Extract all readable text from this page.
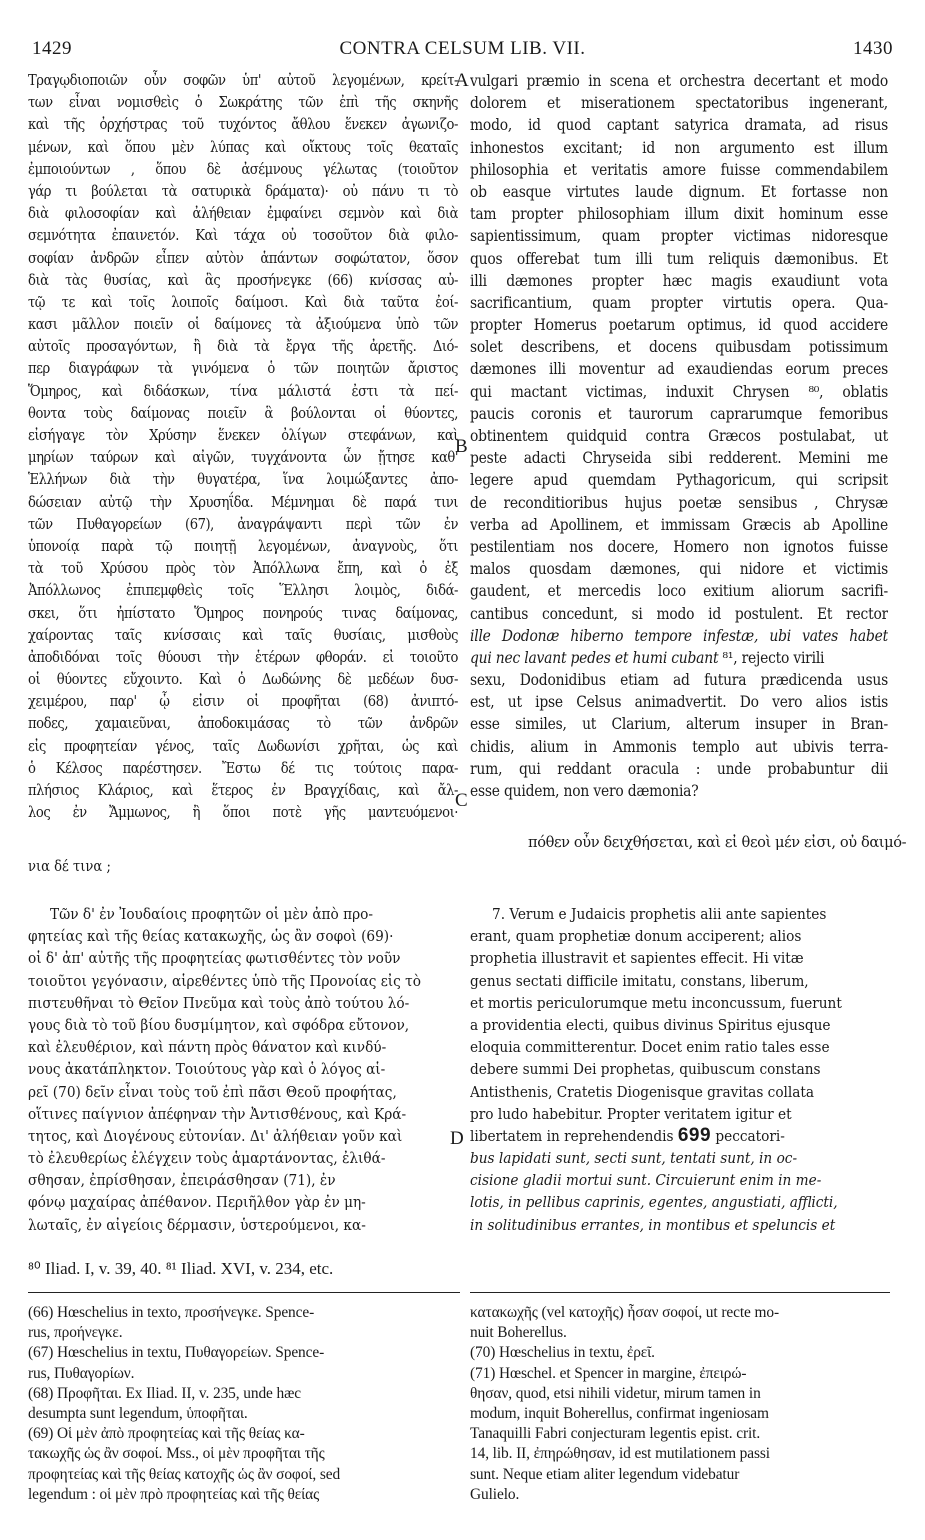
1429	CONTRA CELSUM LIB. VII.	1430
A
B
C
D
Τραγῳδιοποιῶν οὖν σοφῶν ὑπ' αὐτοῦ λεγομένων, κρείτ-
των εἶναι νομισθεὶς ὁ Σωκράτης τῶν ἐπὶ τῆς σκηνῆς
καὶ τῆς ὀρχήστρας τοῦ τυχόντος ἄθλου ἕνεκεν ἀγωνιζο-
μένων, καὶ ὅπου μὲν λύπας καὶ οἴκτους τοῖς θεαταῖς
ἐμποιούντων , ὅπου δὲ ἀσέμνους γέλωτας (τοιοῦτον
γάρ τι βούλεται τὰ σατυρικὰ δράματα)· οὐ πάνυ τι τὸ
διὰ φιλοσοφίαν καὶ ἀλήθειαν ἐμφαίνει σεμνὸν καὶ διὰ
σεμνότητα ἐπαινετόν. Καὶ τάχα οὐ τοσοῦτον διὰ φιλο-
σοφίαν ἀνδρῶν εἶπεν αὐτὸν ἁπάντων σοφώτατον, ὅσον
διὰ τὰς θυσίας, καὶ ἃς προσήνεγκε (66) κνίσσας αὐ-
τῷ τε καὶ τοῖς λοιποῖς δαίμοσι. Καὶ διὰ ταῦτα ἐοί-
κασι μᾶλλον ποιεῖν οἱ δαίμονες τὰ ἀξιούμενα ὑπὸ τῶν
αὐτοῖς προσαγόντων, ἢ διὰ τὰ ἔργα τῆς ἀρετῆς. Διό-
περ διαγράφων τὰ γινόμενα ὁ τῶν ποιητῶν ἄριστος
Ὅμηρος, καὶ διδάσκων, τίνα μάλιστά ἐστι τὰ πεί-
θοντα τοὺς δαίμονας ποιεῖν ἃ βούλονται οἱ θύοντες,
εἰσήγαγε τὸν Χρύσην ἕνεκεν ὀλίγων στεφάνων, καὶ
μηρίων ταύρων καὶ αἰγῶν, τυγχάνοντα ὧν ᾔτησε καθ'
Ἑλλήνων διὰ τὴν θυγατέρα, ἵνα λοιμώξαντες ἀπο-
δώσειαν αὐτῷ τὴν Χρυσηΐδα. Μέμνημαι δὲ παρά τινι
τῶν Πυθαγορείων (67), ἀναγράψαντι περὶ τῶν ἐν
ὑπονοίᾳ παρὰ τῷ ποιητῇ λεγομένων, ἀναγνοὺς, ὅτι
τὰ τοῦ Χρύσου πρὸς τὸν Ἀπόλλωνα ἔπη, καὶ ὁ ἐξ
Ἀπόλλωνος ἐπιπεμφθεὶς τοῖς Ἕλλησι λοιμὸς, διδά-
σκει, ὅτι ἠπίστατο Ὅμηρος πονηρούς τινας δαίμονας,
χαίροντας ταῖς κνίσσαις καὶ ταῖς θυσίαις, μισθοὺς
ἀποδιδόναι τοῖς θύουσι τὴν ἑτέρων φθοράν. εἰ τοιοῦτο
οἱ θύοντες εὔχοιντο. Καὶ ὁ Δωδώνης δὲ μεδέων δυσ-
χειμέρου, παρ' ᾧ εἰσιν οἱ προφῆται (68) ἀνιπτό-
ποδες, χαμαιεῦναι, ἀποδοκιμάσας τὸ τῶν ἀνδρῶν
εἰς προφητείαν γένος, ταῖς Δωδωνίσι χρῆται, ὡς καὶ
ὁ Κέλσος παρέστησεν. Ἔστω δέ τις τούτοις παρα-
πλήσιος Κλάριος, καὶ ἕτερος ἐν Βραγχίδαις, καὶ ἄλ-
λος ἐν Ἄμμωνος, ἢ ὅποι ποτὲ γῆς μαντευόμενοι·
vulgari præmio in scena et orchestra decertant et modo
dolorem et miserationem spectatoribus ingenerant,
modo, id quod captant satyrica dramata, ad risus
inhonestos excitant; id non argumento est illum
philosophia et veritatis amore fuisse commendabilem
ob easque virtutes laude dignum. Et fortasse non
tam propter philosophiam illum dixit hominum esse
sapientissimum, quam propter victimas nidoresque
quos offerebat tum illi tum reliquis dæmonibus. Et
illi dæmones propter hæc magis exaudiunt vota
sacrificantium, quam propter virtutis opera. Qua-
propter Homerus poetarum optimus, id quod accidere
solet describens, et docens quibusdam potissimum
dæmones illi moventur ad exaudiendas eorum preces
qui mactant victimas, induxit Chrysen ⁸⁰, oblatis
paucis coronis et taurorum caprarumque femoribus
obtinentem quidquid contra Græcos postulabat, ut
peste adacti Chryseida sibi redderent. Memini me
legere apud quemdam Pythagoricum, qui scripsit
de reconditioribus hujus poetæ sensibus , Chrysæ
verba ad Apollinem, et immissam Græcis ab Apolline
pestilentiam nos docere, Homero non ignotos fuisse
malos quosdam dæmones, qui nidore et victimis
gaudent, et mercedis loco exitium aliorum sacrifi-
cantibus concedunt, si modo id postulent. Et rector
ille Dodonæ hiberno tempore infestæ, ubi vates habet
qui nec lavant pedes et humi cubant ⁸¹, rejecto virili
sexu, Dodonidibus etiam ad futura prædicenda usus
est, ut ipse Celsus animadvertit. Do vero alios istis
esse similes, ut Clarium, alterum insuper in Bran-
chidis, alium in Ammonis templo aut ubivis terra-
rum, qui reddant oracula : unde probabuntur dii
esse quidem, non vero dæmonia?
πόθεν οὖν δειχθήσεται, καὶ εἰ θεοὶ μέν εἰσι, οὐ δαιμό-
νια δέ τινα ;
Τῶν δ' ἐν Ἰουδαίοις προφητῶν οἱ μὲν ἀπὸ προ-
φητείας καὶ τῆς θείας κατακωχῆς, ὡς ἂν σοφοὶ (69)·
οἱ δ' ἀπ' αὐτῆς τῆς προφητείας φωτισθέντες τὸν νοῦν
τοιοῦτοι γεγόνασιν, αἱρεθέντες ὑπὸ τῆς Προνοίας εἰς τὸ
πιστευθῆναι τὸ Θεῖον Πνεῦμα καὶ τοὺς ἀπὸ τούτου λό-
γους διὰ τὸ τοῦ βίου δυσμίμητον, καὶ σφόδρα εὔτονον,
καὶ ἐλευθέριον, καὶ πάντη πρὸς θάνατον καὶ κινδύ-
νους ἀκατάπληκτον. Τοιούτους γὰρ καὶ ὁ λόγος αἱ-
ρεῖ (70) δεῖν εἶναι τοὺς τοῦ ἐπὶ πᾶσι Θεοῦ προφήτας,
οἵτινες παίγνιον ἀπέφηναν τὴν Ἀντισθένους, καὶ Κρά-
τητος, καὶ Διογένους εὐτονίαν. Δι' ἀλήθειαν γοῦν καὶ
τὸ ἐλευθερίως ἐλέγχειν τοὺς ἁμαρτάνοντας, ἐλιθά-
σθησαν, ἐπρίσθησαν, ἐπειράσθησαν (71), ἐν
φόνῳ μαχαίρας ἀπέθανον. Περιῆλθον γὰρ ἐν μη-
λωταῖς, ἐν αἰγείοις δέρμασιν, ὑστερούμενοι, κα-
7. Verum e Judaicis prophetis alii ante sapientes
erant, quam prophetiæ donum acciperent; alios
prophetia illustravit et sapientes effecit. Hi vitæ
genus sectati difficile imitatu, constans, liberum,
et mortis periculorumque metu inconcussum, fuerunt
a providentia electi, quibus divinus Spiritus ejusque
eloquia committerentur. Docet enim ratio tales esse
debere summi Dei prophetas, quibuscum constans
Antisthenis, Cratetis Diogenisque gravitas collata
pro ludo habebitur. Propter veritatem igitur et
libertatem in reprehendendis 699 peccatori-
bus lapidati sunt, secti sunt, tentati sunt, in oc-
cisione gladii mortui sunt. Circuierunt enim in me-
lotis, in pellibus caprinis, egentes, angustiati, afflicti,
in solitudinibus errantes, in montibus et speluncis et
⁸⁰ Iliad. I, v. 39, 40. ⁸¹ Iliad. XVI, v. 234, etc.
(66) Hœschelius in texto, προσήνεγκε. Spence-
rus, προήνεγκε.
(67) Hœschelius in textu, Πυθαγορείων. Spence-
rus, Πυθαγορίων.
(68) Προφῆται. Ex Iliad. II, v. 235, unde hæc
desumpta sunt legendum, ὑποφῆται.
(69) Οἱ μὲν ἀπὸ προφητείας καὶ τῆς θείας κα-
τακωχῆς ὡς ἂν σοφοί. Mss., οἱ μὲν προφῆται τῆς
προφητείας καὶ τῆς θείας κατοχῆς ὡς ἂν σοφοί, sed
legendum : οἱ μὲν πρὸ προφητείας καὶ τῆς θείας
κατακωχῆς (vel κατοχῆς) ἦσαν σοφοί, ut recte mo-
nuit Boherellus.
(70) Hœschelius in textu, ἐρεῖ.
(71) Hœschel. et Spencer in margine, ἐπειρώ-
θησαν, quod, etsi nihili videtur, mirum tamen in
modum, inquit Boherellus, confirmat ingeniosam
Tanaquilli Fabri conjecturam legentis epist. crit.
14, lib. II, ἐπηρώθησαν, id est mutilationem passi
sunt. Neque etiam aliter legendum videbatur
Gulielo.
